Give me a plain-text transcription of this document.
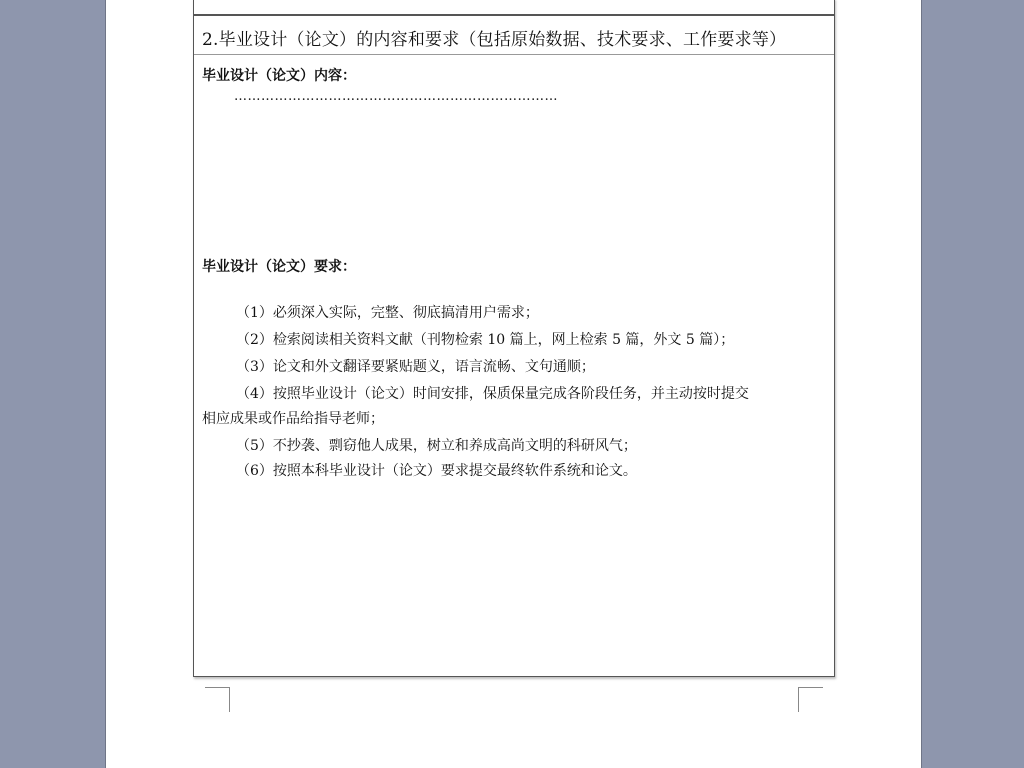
2.毕业设计（论文）的内容和要求（包括原始数据、技术要求、工作要求等）
毕业设计（论文）内容：
………………………………………………………………
毕业设计（论文）要求：
（1）必须深入实际，完整、彻底搞清用户需求；
（2）检索阅读相关资料文献（刊物检索 10 篇上，网上检索 5 篇，外文 5 篇）；
（3）论文和外文翻译要紧贴题义，语言流畅、文句通顺；
（4）按照毕业设计（论文）时间安排，保质保量完成各阶段任务，并主动按时提交
相应成果或作品给指导老师；
（5）不抄袭、剽窃他人成果，树立和养成高尚文明的科研风气；
（6）按照本科毕业设计（论文）要求提交最终软件系统和论文。
